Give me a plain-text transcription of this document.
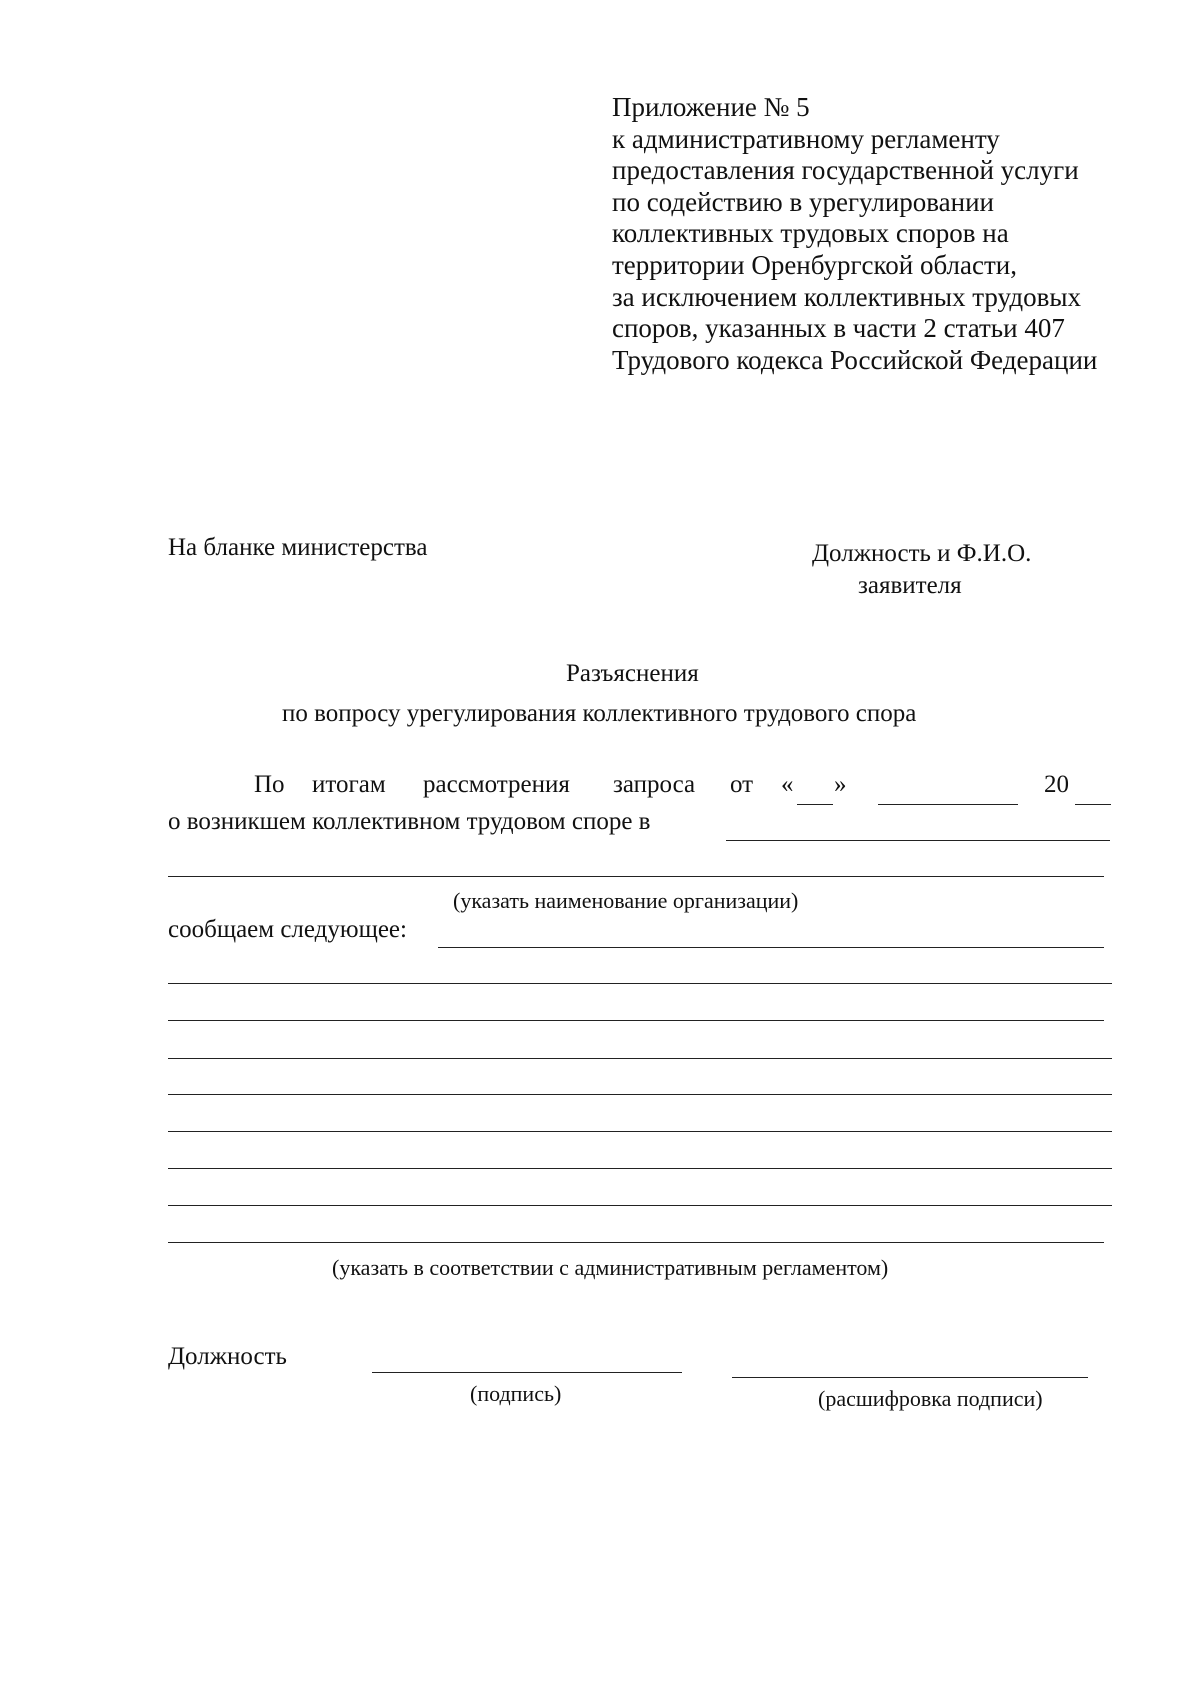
Приложение № 5
к административному регламенту
предоставления государственной услуги
по содействию в урегулировании
коллективных трудовых споров на
территории Оренбургской области,
за исключением коллективных трудовых
споров, указанных в части 2 статьи 407
Трудового кодекса Российской Федерации
На бланке министерства	Должность и Ф.И.О.
заявителя
Разъяснения
по вопросу урегулирования коллективного трудового спора
По итогам рассмотрения запроса от « »	20
о возникшем коллективном трудовом споре в
(указать наименование организации)
сообщаем следующее:
(указать в соответствии с административным регламентом)
Должность
(подпись)	(расшифровка подписи)
